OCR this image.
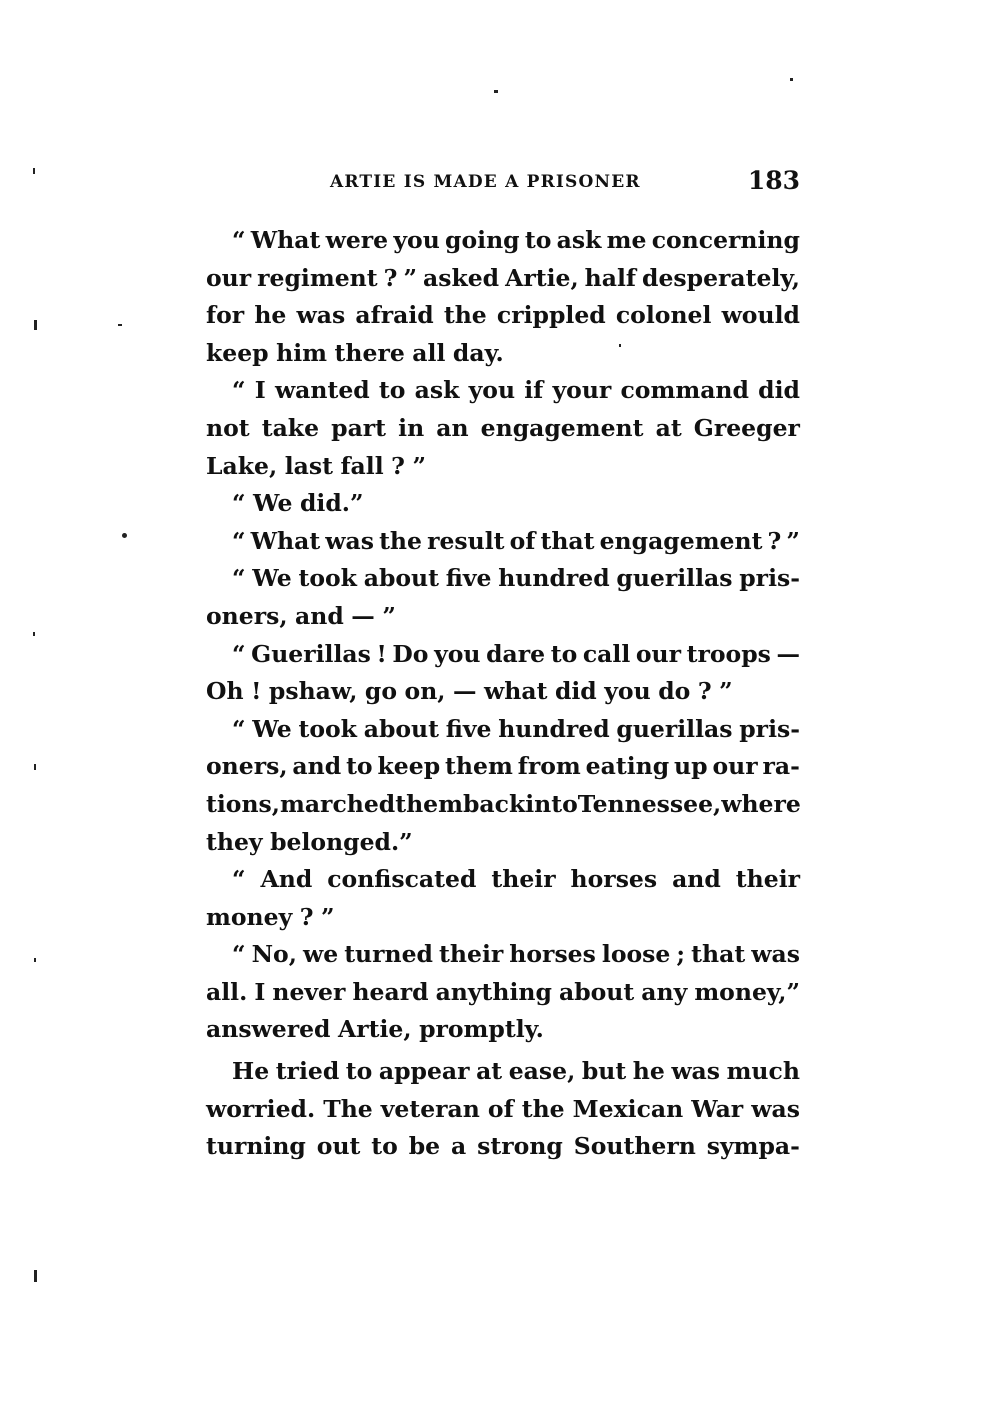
ARTIE IS MADE A PRISONER	183
“ What were you going to ask me concerning
our regiment ? ” asked Artie, half desperately,
for he was afraid the crippled colonel would
keep him there all day.
“ I wanted to ask you if your command did
not take part in an engagement at Greeger
Lake, last fall ? ”
“ We did.”
“ What was the result of that engagement ? ”
“ We took about five hundred guerillas pris-
oners, and — ”
“ Guerillas ! Do you dare to call our troops —
Oh ! pshaw, go on, — what did you do ? ”
“ We took about five hundred guerillas pris-
oners, and to keep them from eating up our ra-
tions, marched them back into Tennessee, where
they belonged.”
“ And confiscated their horses and their
money ? ”
“ No, we turned their horses loose ; that was
all. I never heard anything about any money,”
answered Artie, promptly.
He tried to appear at ease, but he was much
worried. The veteran of the Mexican War was
turning out to be a strong Southern sympa-
